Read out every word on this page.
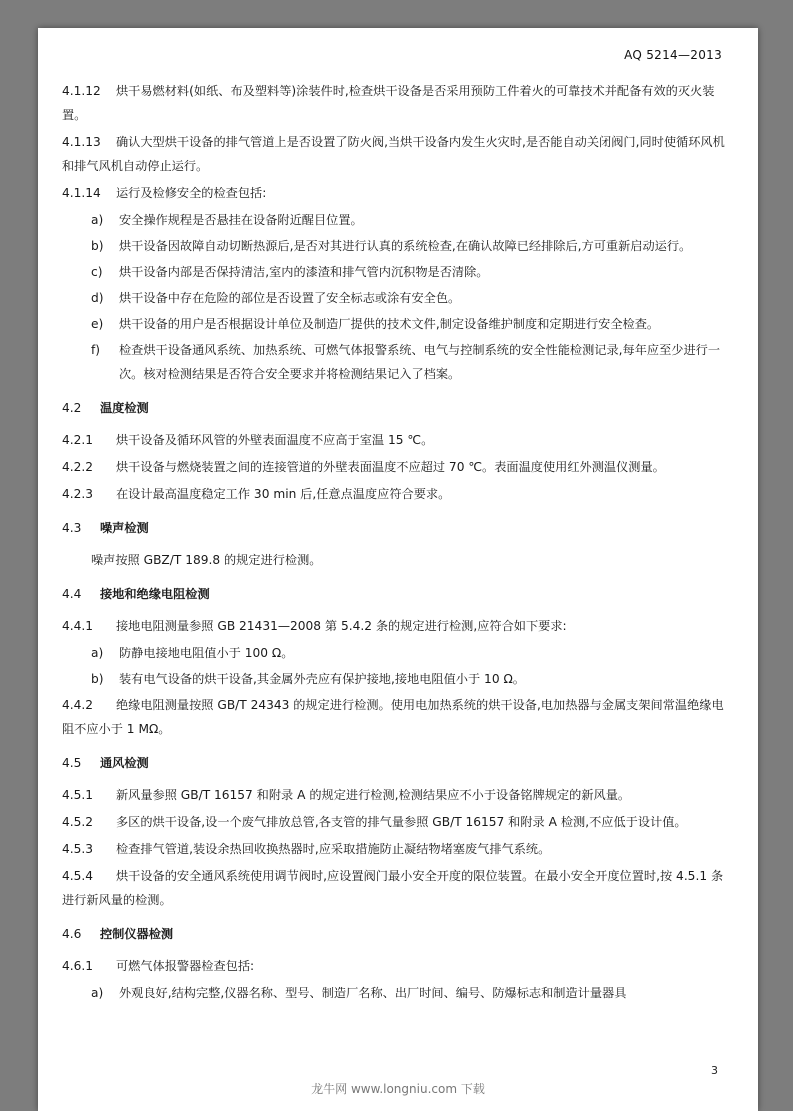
AQ 5214—2013
4.1.12 烘干易燃材料(如纸、布及塑料等)涂装件时,检查烘干设备是否采用预防工件着火的可靠技术并配备有效的灭火装置。
4.1.13 确认大型烘干设备的排气管道上是否设置了防火阀,当烘干设备内发生火灾时,是否能自动关闭阀门,同时使循环风机和排气风机自动停止运行。
4.1.14 运行及检修安全的检查包括:
a)	安全操作规程是否悬挂在设备附近醒目位置。
b)	烘干设备因故障自动切断热源后,是否对其进行认真的系统检查,在确认故障已经排除后,方可重新启动运行。
c)	烘干设备内部是否保持清洁,室内的漆渣和排气管内沉积物是否清除。
d)	烘干设备中存在危险的部位是否设置了安全标志或涂有安全色。
e)	烘干设备的用户是否根据设计单位及制造厂提供的技术文件,制定设备维护制度和定期进行安全检查。
f)	检查烘干设备通风系统、加热系统、可燃气体报警系统、电气与控制系统的安全性能检测记录,每年应至少进行一次。核对检测结果是否符合安全要求并将检测结果记入了档案。
4.2 温度检测
4.2.1 烘干设备及循环风管的外壁表面温度不应高于室温 15 ℃。
4.2.2 烘干设备与燃烧装置之间的连接管道的外壁表面温度不应超过 70 ℃。表面温度使用红外测温仪测量。
4.2.3 在设计最高温度稳定工作 30 min 后,任意点温度应符合要求。
4.3 噪声检测
噪声按照 GBZ/T 189.8 的规定进行检测。
4.4 接地和绝缘电阻检测
4.4.1 接地电阻测量参照 GB 21431—2008 第 5.4.2 条的规定进行检测,应符合如下要求:
a)	防静电接地电阻值小于 100 Ω。
b)	装有电气设备的烘干设备,其金属外壳应有保护接地,接地电阻值小于 10 Ω。
4.4.2 绝缘电阻测量按照 GB/T 24343 的规定进行检测。使用电加热系统的烘干设备,电加热器与金属支架间常温绝缘电阻不应小于 1 MΩ。
4.5 通风检测
4.5.1 新风量参照 GB/T 16157 和附录 A 的规定进行检测,检测结果应不小于设备铭牌规定的新风量。
4.5.2 多区的烘干设备,设一个废气排放总管,各支管的排气量参照 GB/T 16157 和附录 A 检测,不应低于设计值。
4.5.3 检查排气管道,装设余热回收换热器时,应采取措施防止凝结物堵塞废气排气系统。
4.5.4 烘干设备的安全通风系统使用调节阀时,应设置阀门最小安全开度的限位装置。在最小安全开度位置时,按 4.5.1 条进行新风量的检测。
4.6 控制仪器检测
4.6.1 可燃气体报警器检查包括:
a)	外观良好,结构完整,仪器名称、型号、制造厂名称、出厂时间、编号、防爆标志和制造计量器具
3
龙牛网 www.longniu.com 下载
